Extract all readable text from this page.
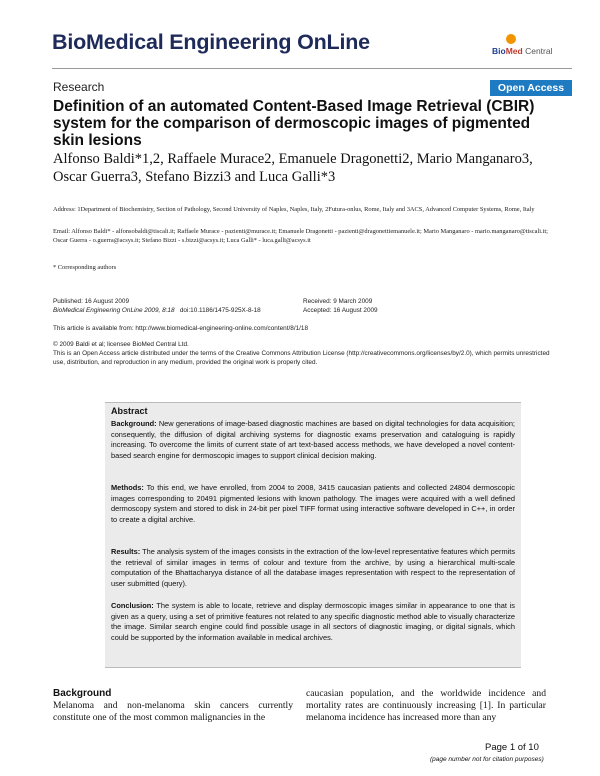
BioMedical Engineering OnLine	BioMed Central
Research	Open Access
Definition of an automated Content-Based Image Retrieval (CBIR) system for the comparison of dermoscopic images of pigmented skin lesions
Alfonso Baldi*1,2, Raffaele Murace2, Emanuele Dragonetti2, Mario Manganaro3, Oscar Guerra3, Stefano Bizzi3 and Luca Galli*3
Address: 1Department of Biochemistry, Section of Pathology, Second University of Naples, Naples, Italy, 2Futura-onlus, Rome, Italy and 3ACS, Advanced Computer Systems, Rome, Italy
Email: Alfonso Baldi* - alfonsobaldi@tiscali.it; Raffaele Murace - pazienti@murace.it; Emanuele Dragonetti - pazienti@dragonettiemanuele.it; Mario Manganaro - mario.manganaro@tiscali.it; Oscar Guerra - o.guerra@acsys.it; Stefano Bizzi - s.bizzi@acsys.it; Luca Galli* - luca.galli@acsys.it
* Corresponding authors
Published: 16 August 2009
BioMedical Engineering OnLine 2009, 8:18 doi:10.1186/1475-925X-8-18
Received: 9 March 2009
Accepted: 16 August 2009
This article is available from: http://www.biomedical-engineering-online.com/content/8/1/18
© 2009 Baldi et al; licensee BioMed Central Ltd.
This is an Open Access article distributed under the terms of the Creative Commons Attribution License (http://creativecommons.org/licenses/by/2.0), which permits unrestricted use, distribution, and reproduction in any medium, provided the original work is properly cited.
Abstract
Background: New generations of image-based diagnostic machines are based on digital technologies for data acquisition; consequently, the diffusion of digital archiving systems for diagnostic exams preservation and cataloguing is rapidly increasing. To overcome the limits of current state of art text-based access methods, we have developed a novel content-based search engine for dermoscopic images to support clinical decision making.
Methods: To this end, we have enrolled, from 2004 to 2008, 3415 caucasian patients and collected 24804 dermoscopic images corresponding to 20491 pigmented lesions with known pathology. The images were acquired with a well defined dermoscopy system and stored to disk in 24-bit per pixel TIFF format using interactive software developed in C++, in order to create a digital archive.
Results: The analysis system of the images consists in the extraction of the low-level representative features which permits the retrieval of similar images in terms of colour and texture from the archive, by using a hierarchical multi-scale computation of the Bhattacharyya distance of all the database images representation with respect to the representation of user submitted (query).
Conclusion: The system is able to locate, retrieve and display dermoscopic images similar in appearance to one that is given as a query, using a set of primitive features not related to any specific diagnostic method able to visually characterize the image. Similar search engine could find possible usage in all sectors of diagnostic imaging, or digital signals, which could be supported by the information available in medical archives.
Background
Melanoma and non-melanoma skin cancers currently constitute one of the most common malignancies in the
caucasian population, and the worldwide incidence and mortality rates are continuously increasing [1]. In particular melanoma incidence has increased more than any
Page 1 of 10
(page number not for citation purposes)
